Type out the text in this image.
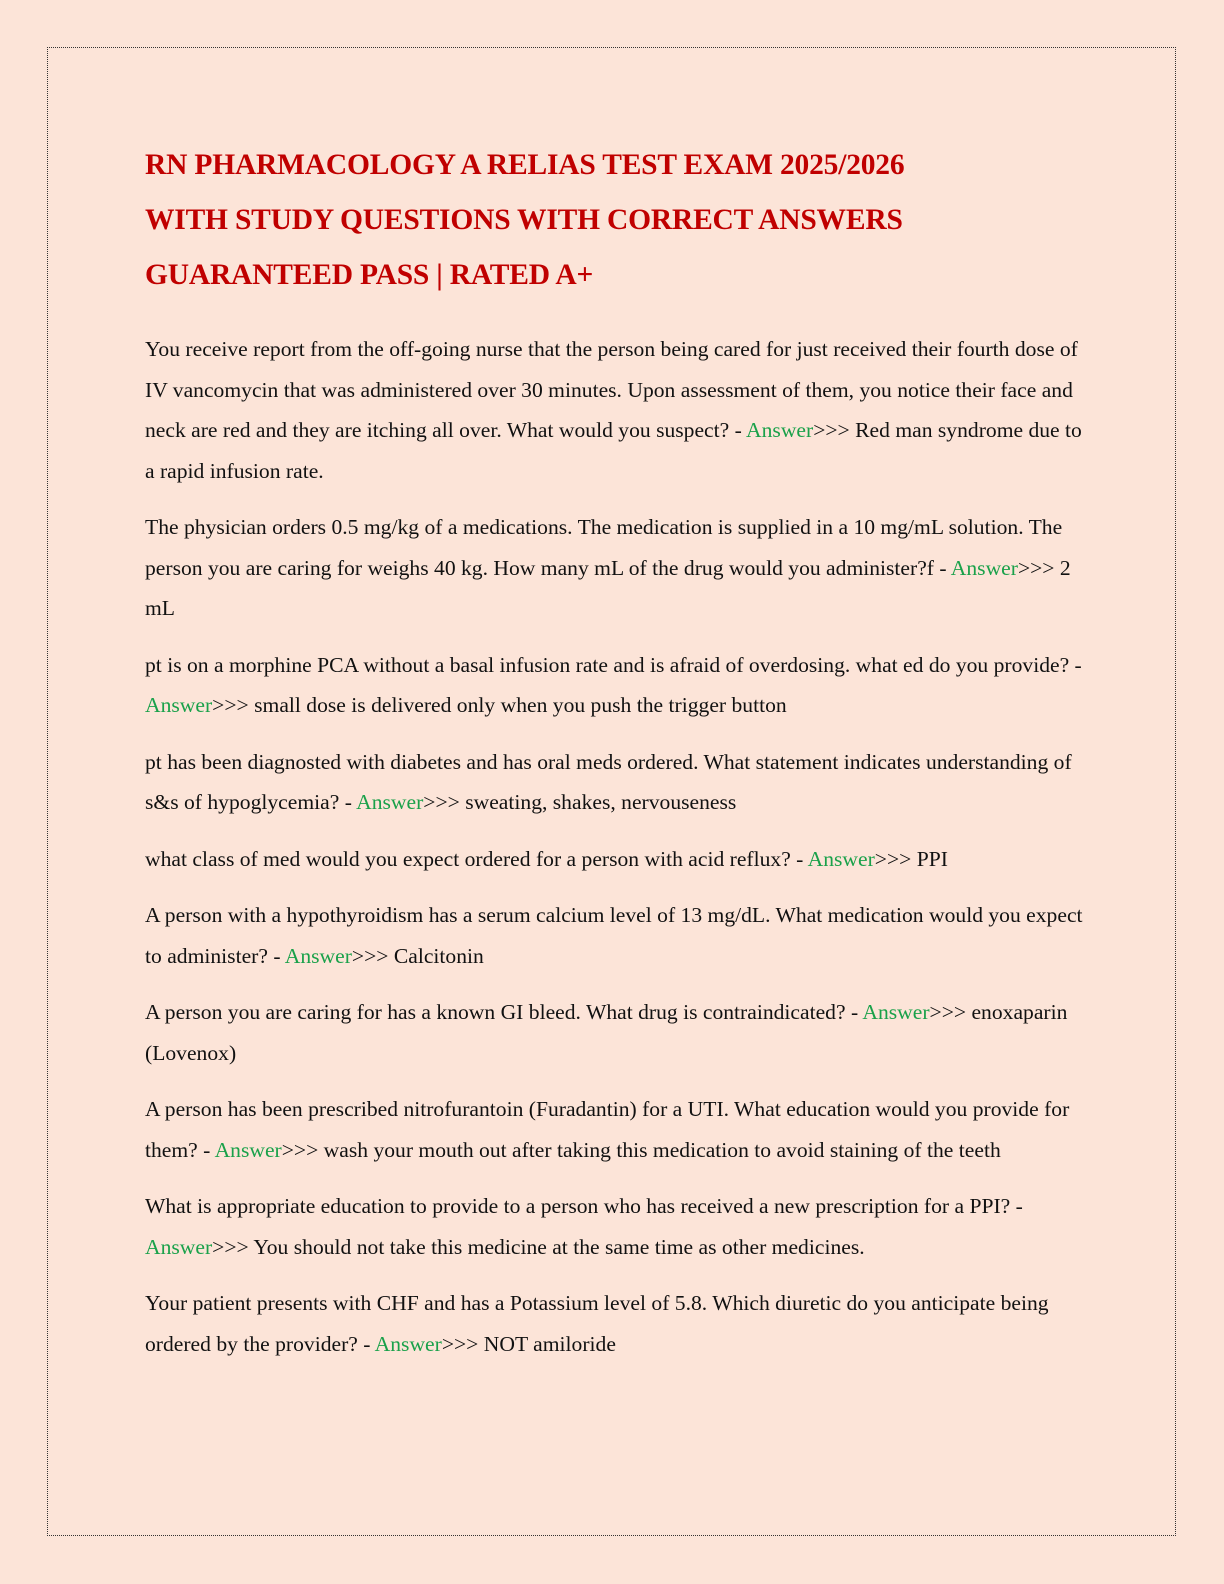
RN PHARMACOLOGY A RELIAS TEST EXAM 2025/2026
WITH STUDY QUESTIONS WITH CORRECT ANSWERS
GUARANTEED PASS | RATED A+

You receive report from the off-going nurse that the person being cared for just received their fourth dose of IV vancomycin that was administered over 30 minutes. Upon assessment of them, you notice their face and neck are red and they are itching all over. What would you suspect? - Answer>>> Red man syndrome due to a rapid infusion rate.

The physician orders 0.5 mg/kg of a medications. The medication is supplied in a 10 mg/mL solution. The person you are caring for weighs 40 kg. How many mL of the drug would you administer?f - Answer>>> 2 mL

pt is on a morphine PCA without a basal infusion rate and is afraid of overdosing. what ed do you provide? - Answer>>> small dose is delivered only when you push the trigger button

pt has been diagnosted with diabetes and has oral meds ordered. What statement indicates understanding of s&s of hypoglycemia? - Answer>>> sweating, shakes, nervouseness

what class of med would you expect ordered for a person with acid reflux? - Answer>>> PPI

A person with a hypothyroidism has a serum calcium level of 13 mg/dL. What medication would you expect to administer? - Answer>>> Calcitonin

A person you are caring for has a known GI bleed. What drug is contraindicated? - Answer>>> enoxaparin (Lovenox)

A person has been prescribed nitrofurantoin (Furadantin) for a UTI. What education would you provide for them? - Answer>>> wash your mouth out after taking this medication to avoid staining of the teeth

What is appropriate education to provide to a person who has received a new prescription for a PPI? - Answer>>> You should not take this medicine at the same time as other medicines.

Your patient presents with CHF and has a Potassium level of 5.8. Which diuretic do you anticipate being ordered by the provider? - Answer>>> NOT amiloride
